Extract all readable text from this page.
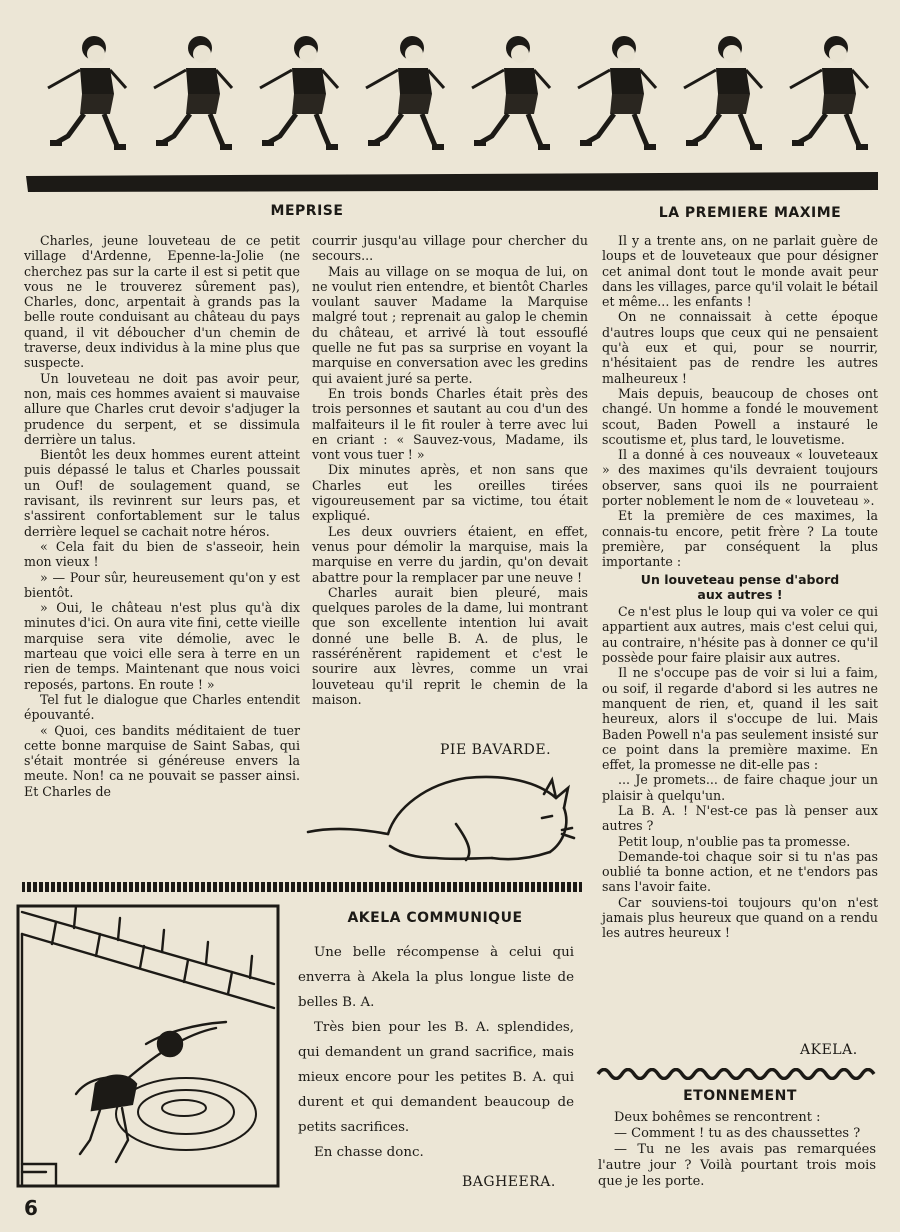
MEPRISE	LA PREMIERE MAXIME

Charles, jeune louveteau de ce petit village d'Ardenne, Epenne-la-Jolie (ne cherchez pas sur la carte il est si petit que vous ne le trouverez sûrement pas), Charles, donc, arpentait à grands pas la belle route conduisant au château du pays quand, il vit déboucher d'un chemin de traverse, deux individus à la mine plus que suspecte.

Un louveteau ne doit pas avoir peur, non, mais ces hommes avaient si mauvaise allure que Charles crut devoir s'adjuger la prudence du serpent, et se dissimula derrière un talus.

Bientôt les deux hommes eurent atteint puis dépassé le talus et Charles poussait un Ouf! de soulagement quand, se ravisant, ils revinrent sur leurs pas, et s'assirent confortablement sur le talus derrière lequel se cachait notre héros.

« Cela fait du bien de s'asseoir, hein mon vieux !

» — Pour sûr, heureusement qu'on y est bientôt.

» Oui, le château n'est plus qu'à dix minutes d'ici. On aura vite fini, cette vieille marquise sera vite démolie, avec le marteau que voici elle sera à terre en un rien de temps. Maintenant que nous voici reposés, partons. En route ! »

Tel fut le dialogue que Charles entendit épouvanté.

« Quoi, ces bandits méditaient de tuer cette bonne marquise de Saint Sabas, qui s'était montrée si généreuse envers la meute. Non! ca ne pouvait se passer ainsi. Et Charles de

courrir jusqu'au village pour chercher du secours...

Mais au village on se moqua de lui, on ne voulut rien entendre, et bientôt Charles voulant sauver Madame la Marquise malgré tout ; reprenait au galop le chemin du château, et arrivé là tout essouflé quelle ne fut pas sa surprise en voyant la marquise en conversation avec les gredins qui avaient juré sa perte.

En trois bonds Charles était près des trois personnes et sautant au cou d'un des malfaiteurs il le fit rouler à terre avec lui en criant : « Sauvez-vous, Madame, ils vont vous tuer ! »

Dix minutes après, et non sans que Charles eut les oreilles tirées vigoureusement par sa victime, tou était expliqué.

Les deux ouvriers étaient, en effet, venus pour démolir la marquise, mais la marquise en verre du jardin, qu'on devait abattre pour la remplacer par une neuve !

Charles aurait bien pleuré, mais quelques paroles de la dame, lui montrant que son excellente intention lui avait donné une belle B. A. de plus, le rasséréněrent rapidement et c'est le sourire aux lèvres, comme un vrai louveteau qu'il reprit le chemin de la maison.

PIE BAVARDE.

Il y a trente ans, on ne parlait guère de loups et de louveteaux que pour désigner cet animal dont tout le monde avait peur dans les villages, parce qu'il volait le bétail et même... les enfants !

On ne connaissait à cette époque d'autres loups que ceux qui ne pensaient qu'à eux et qui, pour se nourrir, n'hésitaient pas de rendre les autres malheureux !

Mais depuis, beaucoup de choses ont changé. Un homme a fondé le mouvement scout, Baden Powell a instauré le scoutisme et, plus tard, le louvetisme.

Il a donné à ces nouveaux « louveteaux » des maximes qu'ils devraient toujours observer, sans quoi ils ne pourraient porter noblement le nom de « louveteau ».

Et la première de ces maximes, la connais-tu encore, petit frère ? La toute première, par conséquent la plus importante :

Un louveteau pense d'abord aux autres !

Ce n'est plus le loup qui va voler ce qui appartient aux autres, mais c'est celui qui, au contraire, n'hésite pas à donner ce qu'il possède pour faire plaisir aux autres.

Il ne s'occupe pas de voir si lui a faim, ou soif, il regarde d'abord si les autres ne manquent de rien, et, quand il les sait heureux, alors il s'occupe de lui. Mais Baden Powell n'a pas seulement insisté sur ce point dans la première maxime. En effet, la promesse ne dit-elle pas :

... Je promets... de faire chaque jour un plaisir à quelqu'un.

La B. A. ! N'est-ce pas là penser aux autres ?

Petit loup, n'oublie pas ta promesse.

Demande-toi chaque soir si tu n'as pas oublié ta bonne action, et ne t'endors pas sans l'avoir faite.

Car souviens-toi toujours qu'on n'est jamais plus heureux que quand on a rendu les autres heureux !

AKELA.
AKELA COMMUNIQUE

Une belle récompense à celui qui enverra à Akela la plus longue liste de belles B. A.

Très bien pour les B. A. splendides, qui demandent un grand sacrifice, mais mieux encore pour les petites B. A. qui durent et qui demandent beaucoup de petits sacrifices.

En chasse donc.

BAGHEERA.
ETONNEMENT

Deux bohêmes se rencontrent :

— Comment ! tu as des chaussettes ?

— Tu ne les avais pas remarquées l'autre jour ? Voilà pourtant trois mois que je les porte.

6
